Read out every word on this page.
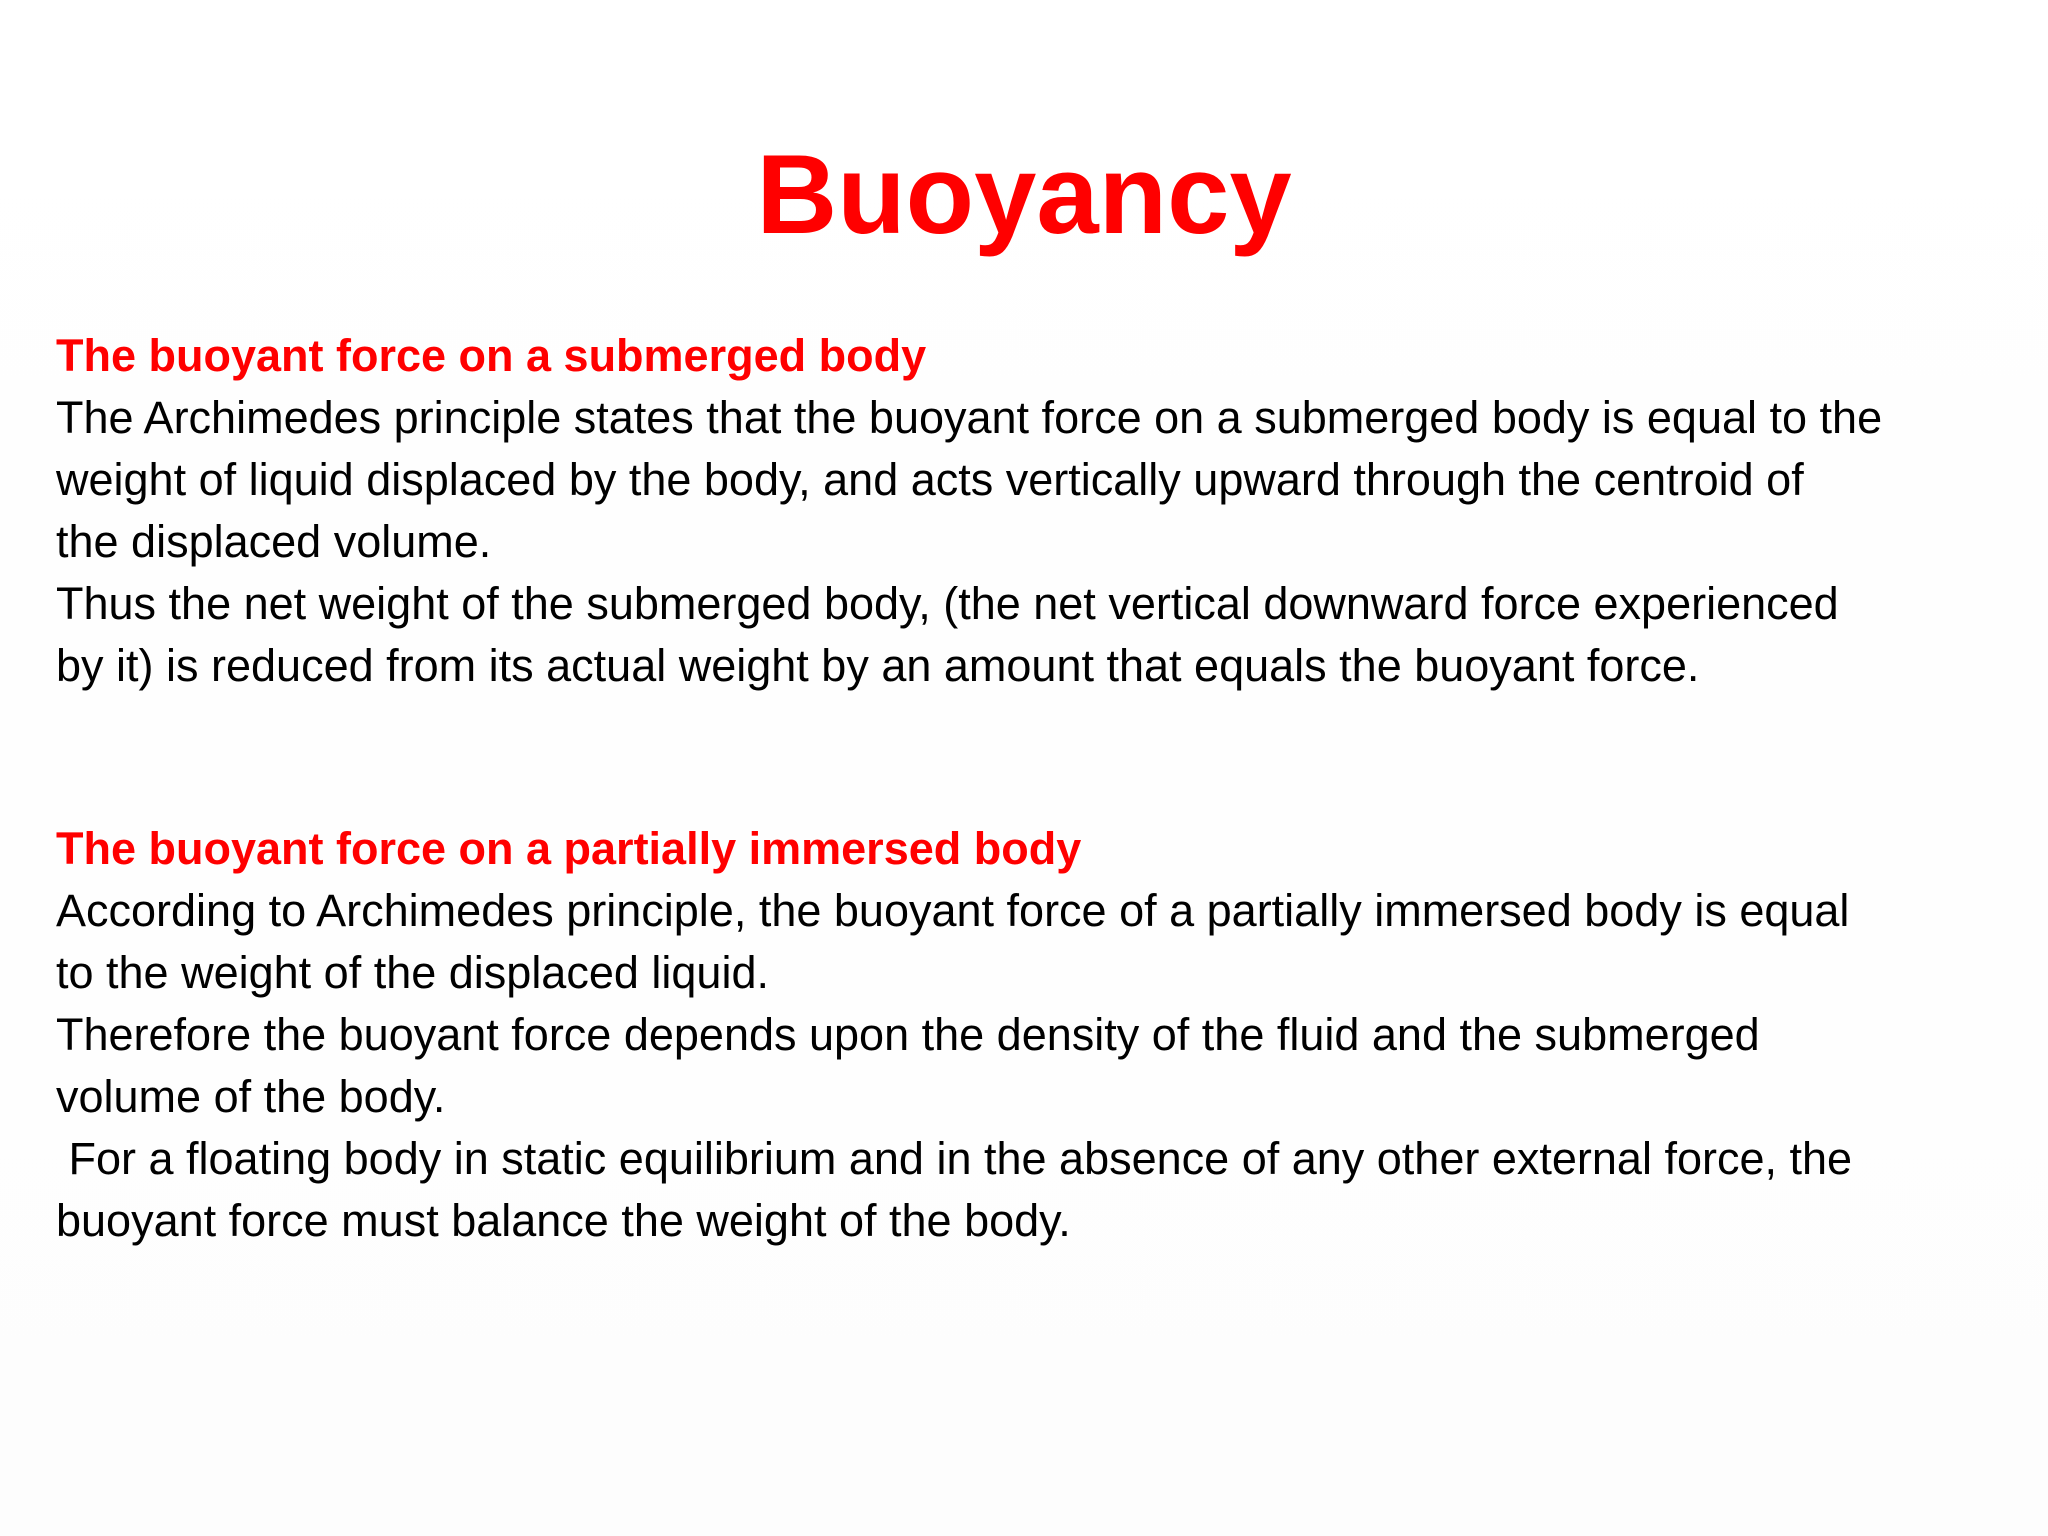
Buoyancy

The buoyant force on a submerged body

The Archimedes principle states that the buoyant force on a submerged body is equal to the

weight of liquid displaced by the body, and acts vertically upward through the centroid of

the displaced volume.

Thus the net weight of the submerged body, (the net vertical downward force experienced

by it) is reduced from its actual weight by an amount that equals the buoyant force.

The buoyant force on a partially immersed body

According to Archimedes principle, the buoyant force of a partially immersed body is equal

to the weight of the displaced liquid.

Therefore the buoyant force depends upon the density of the fluid and the submerged

volume of the body.

For a floating body in static equilibrium and in the absence of any other external force, the

buoyant force must balance the weight of the body.
